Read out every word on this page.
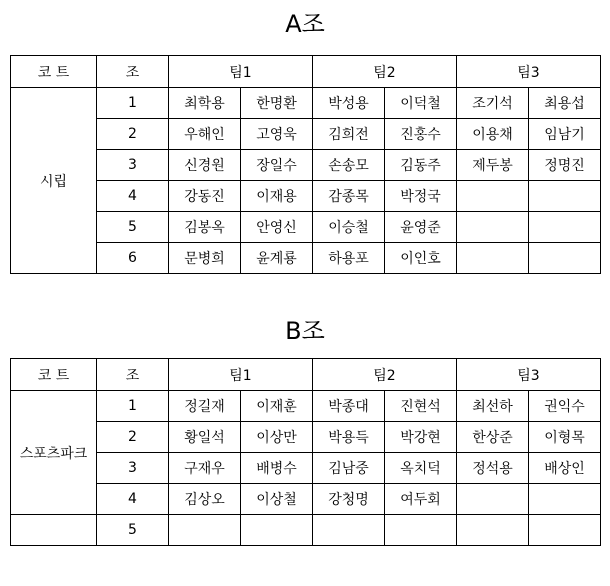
A조
코 트	조	팀1		팀2		팀3	
시립	1	최학용	한명환	박성용	이덕철	조기석	최용섭
	2	우해인	고영욱	김희전	진홍수	이용채	임남기
	3	신경원	장일수	손송모	김동주	제두봉	정명진
	4	강동진	이재용	감종목	박정국		
	5	김봉옥	안영신	이승철	윤영준		
	6	문병희	윤계룡	하용포	이인호		
B조
코 트	조	팀1		팀2		팀3	
스포츠파크	1	정길재	이재훈	박종대	진현석	최선하	권익수
	2	황일석	이상만	박용득	박강현	한상준	이형목
	3	구재우	배병수	김남중	옥치덕	정석용	배상인
	4	김상오	이상철	강청명	여두회		
	5						
